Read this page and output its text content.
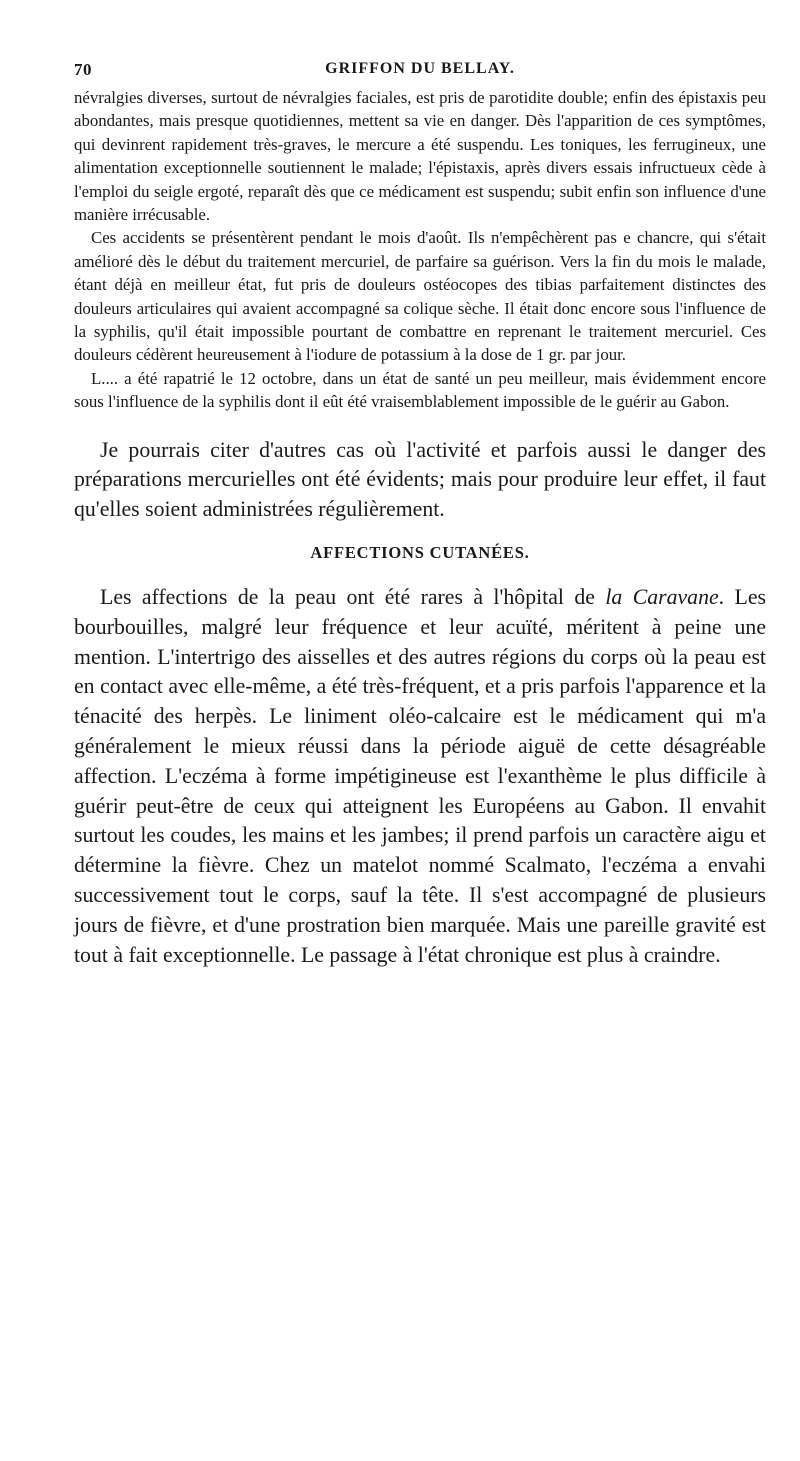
70	GRIFFON DU BELLAY.

névralgies diverses, surtout de névralgies faciales, est pris de parotidite double; enfin des épistaxis peu abondantes, mais presque quotidiennes, mettent sa vie en danger. Dès l'apparition de ces symptômes, qui devinrent rapidement très-graves, le mercure a été suspendu. Les toniques, les ferrugineux, une alimentation exceptionnelle soutiennent le malade; l'épistaxis, après divers essais infructueux cède à l'emploi du seigle ergoté, reparaît dès que ce médicament est suspendu; subit enfin son influence d'une manière irrécusable.

Ces accidents se présentèrent pendant le mois d'août. Ils n'empêchèrent pas e chancre, qui s'était amélioré dès le début du traitement mercuriel, de parfaire sa guérison. Vers la fin du mois le malade, étant déjà en meilleur état, fut pris de douleurs ostéocopes des tibias parfaitement distinctes des douleurs articulaires qui avaient accompagné sa colique sèche. Il était donc encore sous l'influence de la syphilis, qu'il était impossible pourtant de combattre en reprenant le traitement mercuriel. Ces douleurs cédèrent heureusement à l'iodure de potassium à la dose de 1 gr. par jour.

L.... a été rapatrié le 12 octobre, dans un état de santé un peu meilleur, mais évidemment encore sous l'influence de la syphilis dont il eût été vraisemblablement impossible de le guérir au Gabon.

Je pourrais citer d'autres cas où l'activité et parfois aussi le danger des préparations mercurielles ont été évidents; mais pour produire leur effet, il faut qu'elles soient administrées régulièrement.

AFFECTIONS CUTANÉES.

Les affections de la peau ont été rares à l'hôpital de la Caravane. Les bourbouilles, malgré leur fréquence et leur acuïté, méritent à peine une mention. L'intertrigo des aisselles et des autres régions du corps où la peau est en contact avec elle-même, a été très-fréquent, et a pris parfois l'apparence et la ténacité des herpès. Le liniment oléo-calcaire est le médicament qui m'a généralement le mieux réussi dans la période aiguë de cette désagréable affection. L'eczéma à forme impétigineuse est l'exanthème le plus difficile à guérir peut-être de ceux qui atteignent les Européens au Gabon. Il envahit surtout les coudes, les mains et les jambes; il prend parfois un caractère aigu et détermine la fièvre. Chez un matelot nommé Scalmato, l'eczéma a envahi successivement tout le corps, sauf la tête. Il s'est accompagné de plusieurs jours de fièvre, et d'une prostration bien marquée. Mais une pareille gravité est tout à fait exceptionnelle. Le passage à l'état chronique est plus à craindre.
